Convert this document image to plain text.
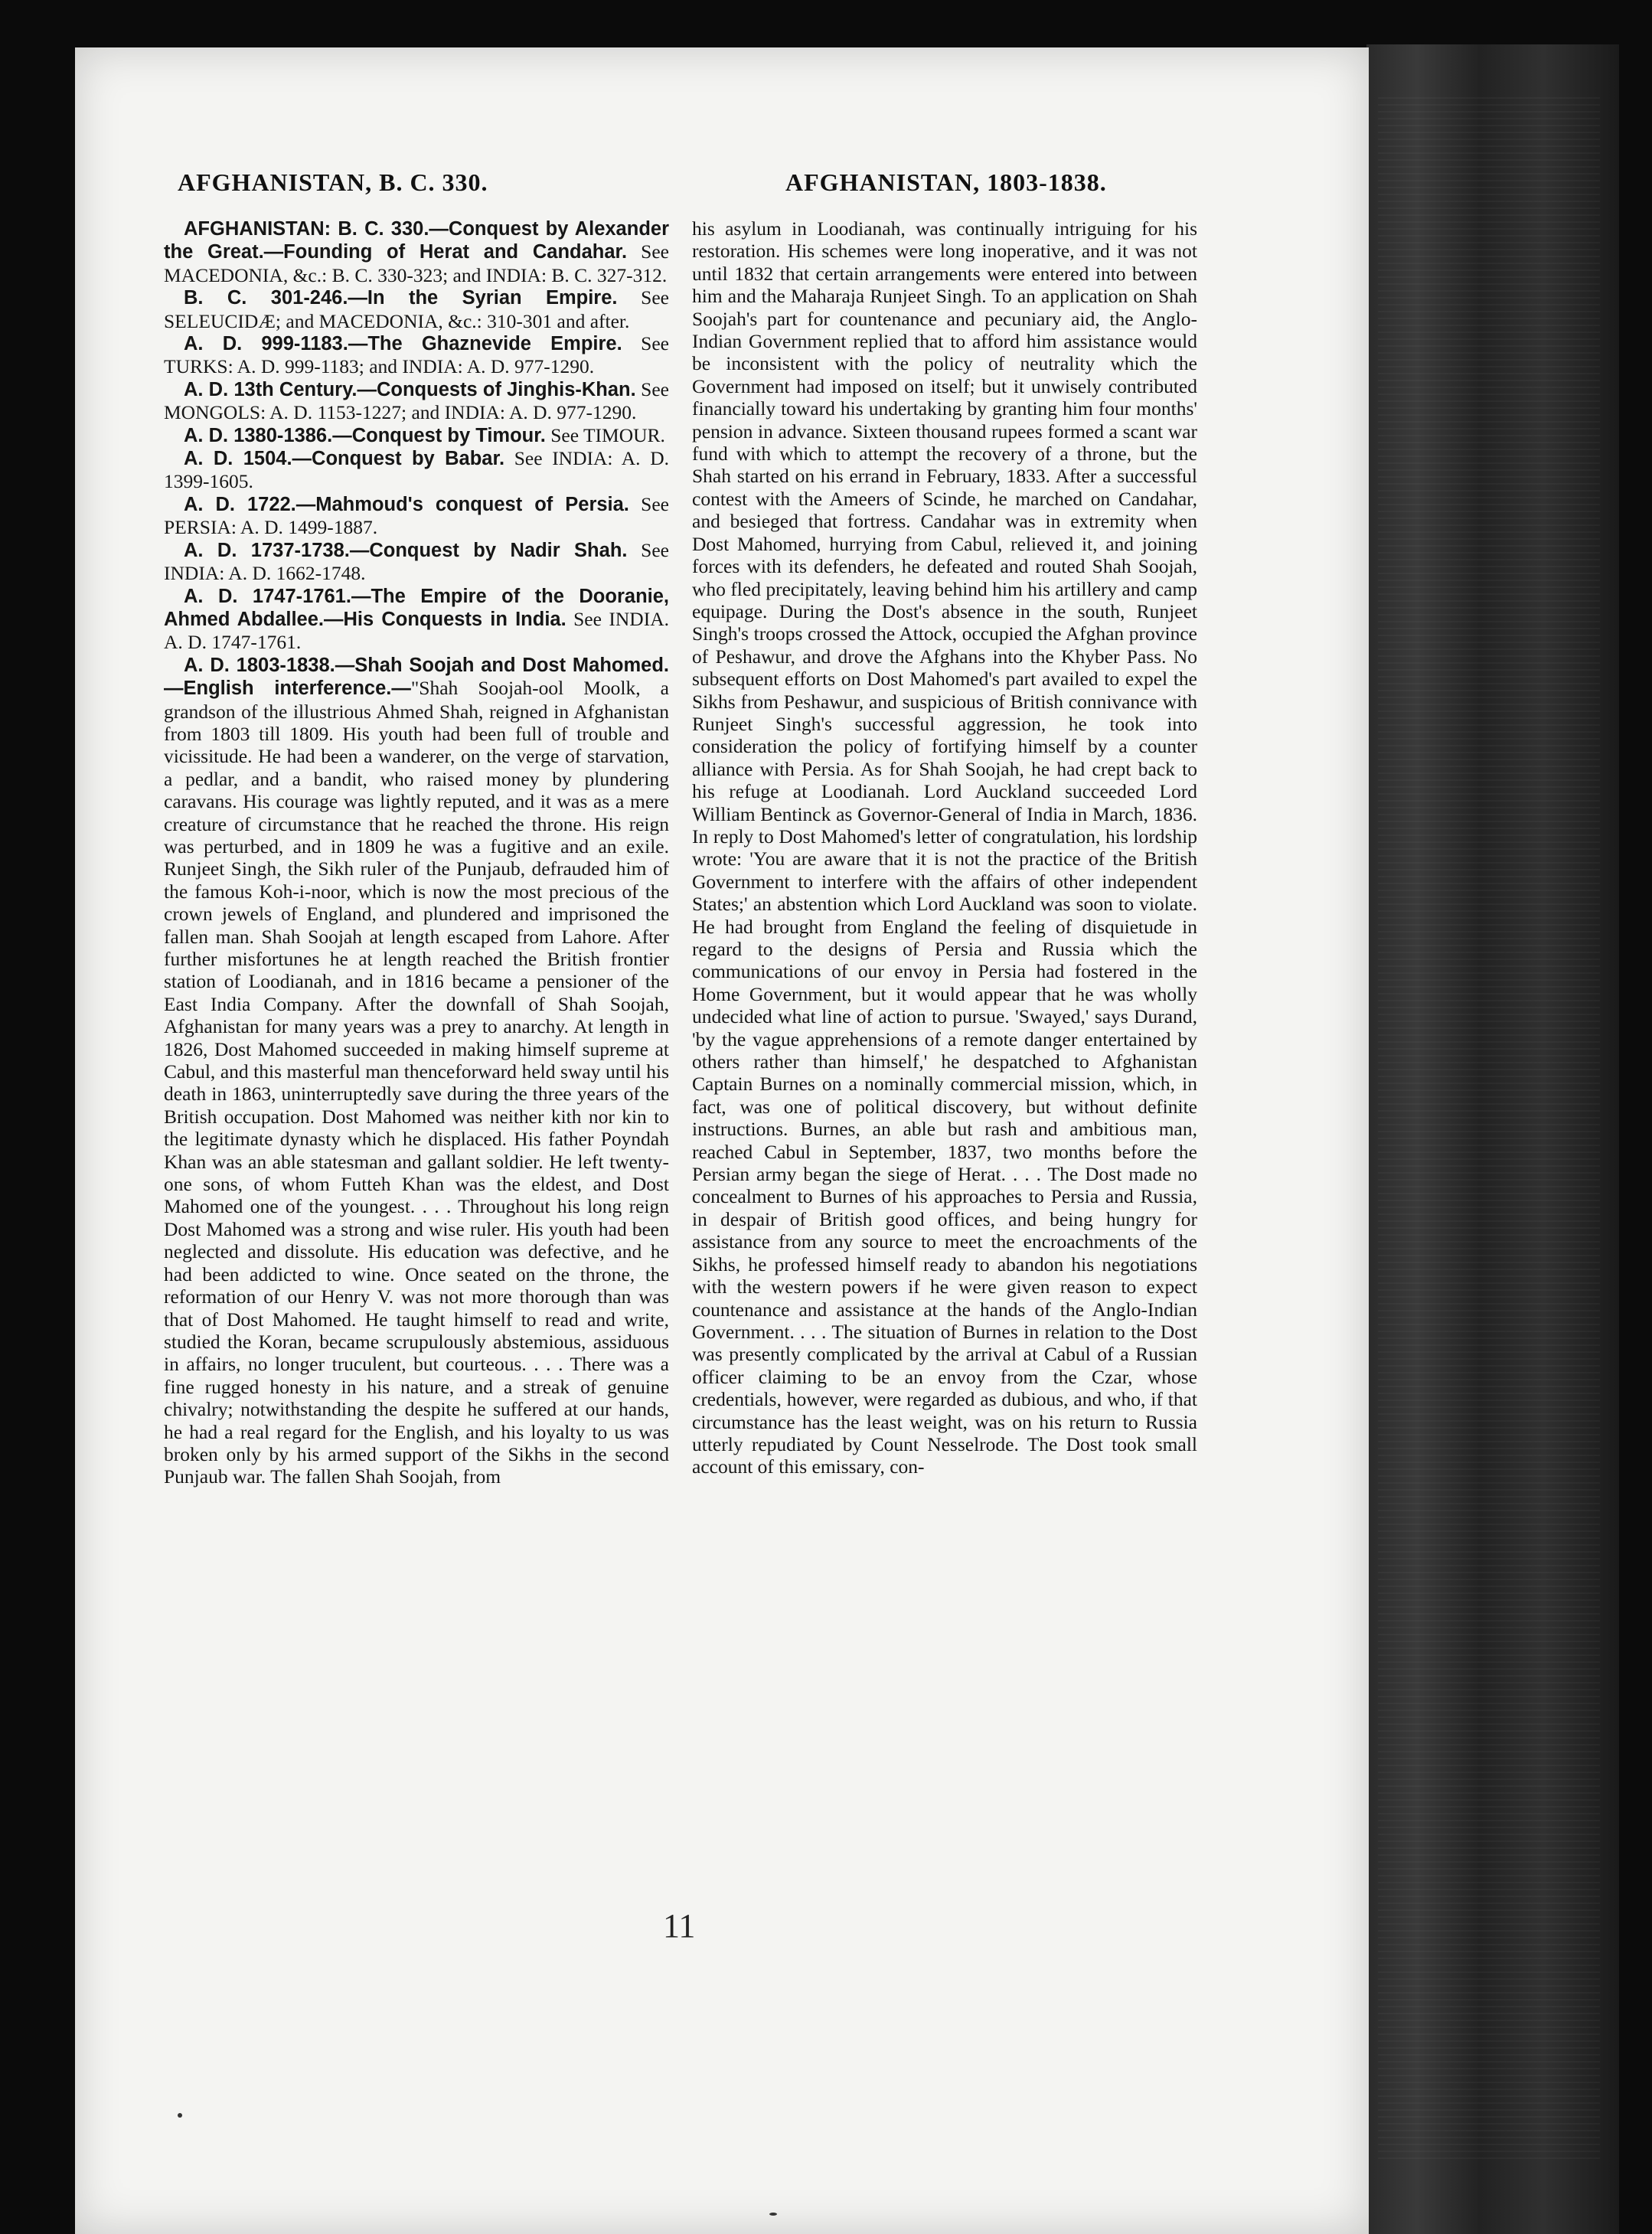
AFGHANISTAN, B. C. 330.	AFGHANISTAN, 1803-1838.

AFGHANISTAN: B. C. 330.—Conquest by Alexander the Great.—Founding of Herat and Candahar. See MACEDONIA, &c.: B. C. 330-323; and INDIA: B. C. 327-312.

B. C. 301-246.—In the Syrian Empire. See SELEUCIDÆ; and MACEDONIA, &c.: 310-301 and after.

A. D. 999-1183.—The Ghaznevide Empire. See TURKS: A. D. 999-1183; and INDIA: A. D. 977-1290.

A. D. 13th Century.—Conquests of Jinghis-Khan. See MONGOLS: A. D. 1153-1227; and INDIA: A. D. 977-1290.

A. D. 1380-1386.—Conquest by Timour. See TIMOUR.

A. D. 1504.—Conquest by Babar. See INDIA: A. D. 1399-1605.

A. D. 1722.—Mahmoud's conquest of Persia. See PERSIA: A. D. 1499-1887.

A. D. 1737-1738.—Conquest by Nadir Shah. See INDIA: A. D. 1662-1748.

A. D. 1747-1761.—The Empire of the Dooranie, Ahmed Abdallee.—His Conquests in India. See INDIA. A. D. 1747-1761.

A. D. 1803-1838.—Shah Soojah and Dost Mahomed.—English interference.—"Shah Soojah-ool Moolk, a grandson of the illustrious Ahmed Shah, reigned in Afghanistan from 1803 till 1809. His youth had been full of trouble and vicissitude. He had been a wanderer, on the verge of starvation, a pedlar, and a bandit, who raised money by plundering caravans. His courage was lightly reputed, and it was as a mere creature of circumstance that he reached the throne. His reign was perturbed, and in 1809 he was a fugitive and an exile. Runjeet Singh, the Sikh ruler of the Punjaub, defrauded him of the famous Koh-i-noor, which is now the most precious of the crown jewels of England, and plundered and imprisoned the fallen man. Shah Soojah at length escaped from Lahore. After further misfortunes he at length reached the British frontier station of Loodianah, and in 1816 became a pensioner of the East India Company. After the downfall of Shah Soojah, Afghanistan for many years was a prey to anarchy. At length in 1826, Dost Mahomed succeeded in making himself supreme at Cabul, and this masterful man thenceforward held sway until his death in 1863, uninterruptedly save during the three years of the British occupation. Dost Mahomed was neither kith nor kin to the legitimate dynasty which he displaced. His father Poyndah Khan was an able statesman and gallant soldier. He left twenty-one sons, of whom Futteh Khan was the eldest, and Dost Mahomed one of the youngest. . . . Throughout his long reign Dost Mahomed was a strong and wise ruler. His youth had been neglected and dissolute. His education was defective, and he had been addicted to wine. Once seated on the throne, the reformation of our Henry V. was not more thorough than was that of Dost Mahomed. He taught himself to read and write, studied the Koran, became scrupulously abstemious, assiduous in affairs, no longer truculent, but courteous. . . . There was a fine rugged honesty in his nature, and a streak of genuine chivalry; notwithstanding the despite he suffered at our hands, he had a real regard for the English, and his loyalty to us was broken only by his armed support of the Sikhs in the second Punjaub war. The fallen Shah Soojah, from

his asylum in Loodianah, was continually intriguing for his restoration. His schemes were long inoperative, and it was not until 1832 that certain arrangements were entered into between him and the Maharaja Runjeet Singh. To an application on Shah Soojah's part for countenance and pecuniary aid, the Anglo-Indian Government replied that to afford him assistance would be inconsistent with the policy of neutrality which the Government had imposed on itself; but it unwisely contributed financially toward his undertaking by granting him four months' pension in advance. Sixteen thousand rupees formed a scant war fund with which to attempt the recovery of a throne, but the Shah started on his errand in February, 1833. After a successful contest with the Ameers of Scinde, he marched on Candahar, and besieged that fortress. Candahar was in extremity when Dost Mahomed, hurrying from Cabul, relieved it, and joining forces with its defenders, he defeated and routed Shah Soojah, who fled precipitately, leaving behind him his artillery and camp equipage. During the Dost's absence in the south, Runjeet Singh's troops crossed the Attock, occupied the Afghan province of Peshawur, and drove the Afghans into the Khyber Pass. No subsequent efforts on Dost Mahomed's part availed to expel the Sikhs from Peshawur, and suspicious of British connivance with Runjeet Singh's successful aggression, he took into consideration the policy of fortifying himself by a counter alliance with Persia. As for Shah Soojah, he had crept back to his refuge at Loodianah. Lord Auckland succeeded Lord William Bentinck as Governor-General of India in March, 1836. In reply to Dost Mahomed's letter of congratulation, his lordship wrote: 'You are aware that it is not the practice of the British Government to interfere with the affairs of other independent States;' an abstention which Lord Auckland was soon to violate. He had brought from England the feeling of disquietude in regard to the designs of Persia and Russia which the communications of our envoy in Persia had fostered in the Home Government, but it would appear that he was wholly undecided what line of action to pursue. 'Swayed,' says Durand, 'by the vague apprehensions of a remote danger entertained by others rather than himself,' he despatched to Afghanistan Captain Burnes on a nominally commercial mission, which, in fact, was one of political discovery, but without definite instructions. Burnes, an able but rash and ambitious man, reached Cabul in September, 1837, two months before the Persian army began the siege of Herat. . . . The Dost made no concealment to Burnes of his approaches to Persia and Russia, in despair of British good offices, and being hungry for assistance from any source to meet the encroachments of the Sikhs, he professed himself ready to abandon his negotiations with the western powers if he were given reason to expect countenance and assistance at the hands of the Anglo-Indian Government. . . . The situation of Burnes in relation to the Dost was presently complicated by the arrival at Cabul of a Russian officer claiming to be an envoy from the Czar, whose credentials, however, were regarded as dubious, and who, if that circumstance has the least weight, was on his return to Russia utterly repudiated by Count Nesselrode. The Dost took small account of this emissary, con-

11
